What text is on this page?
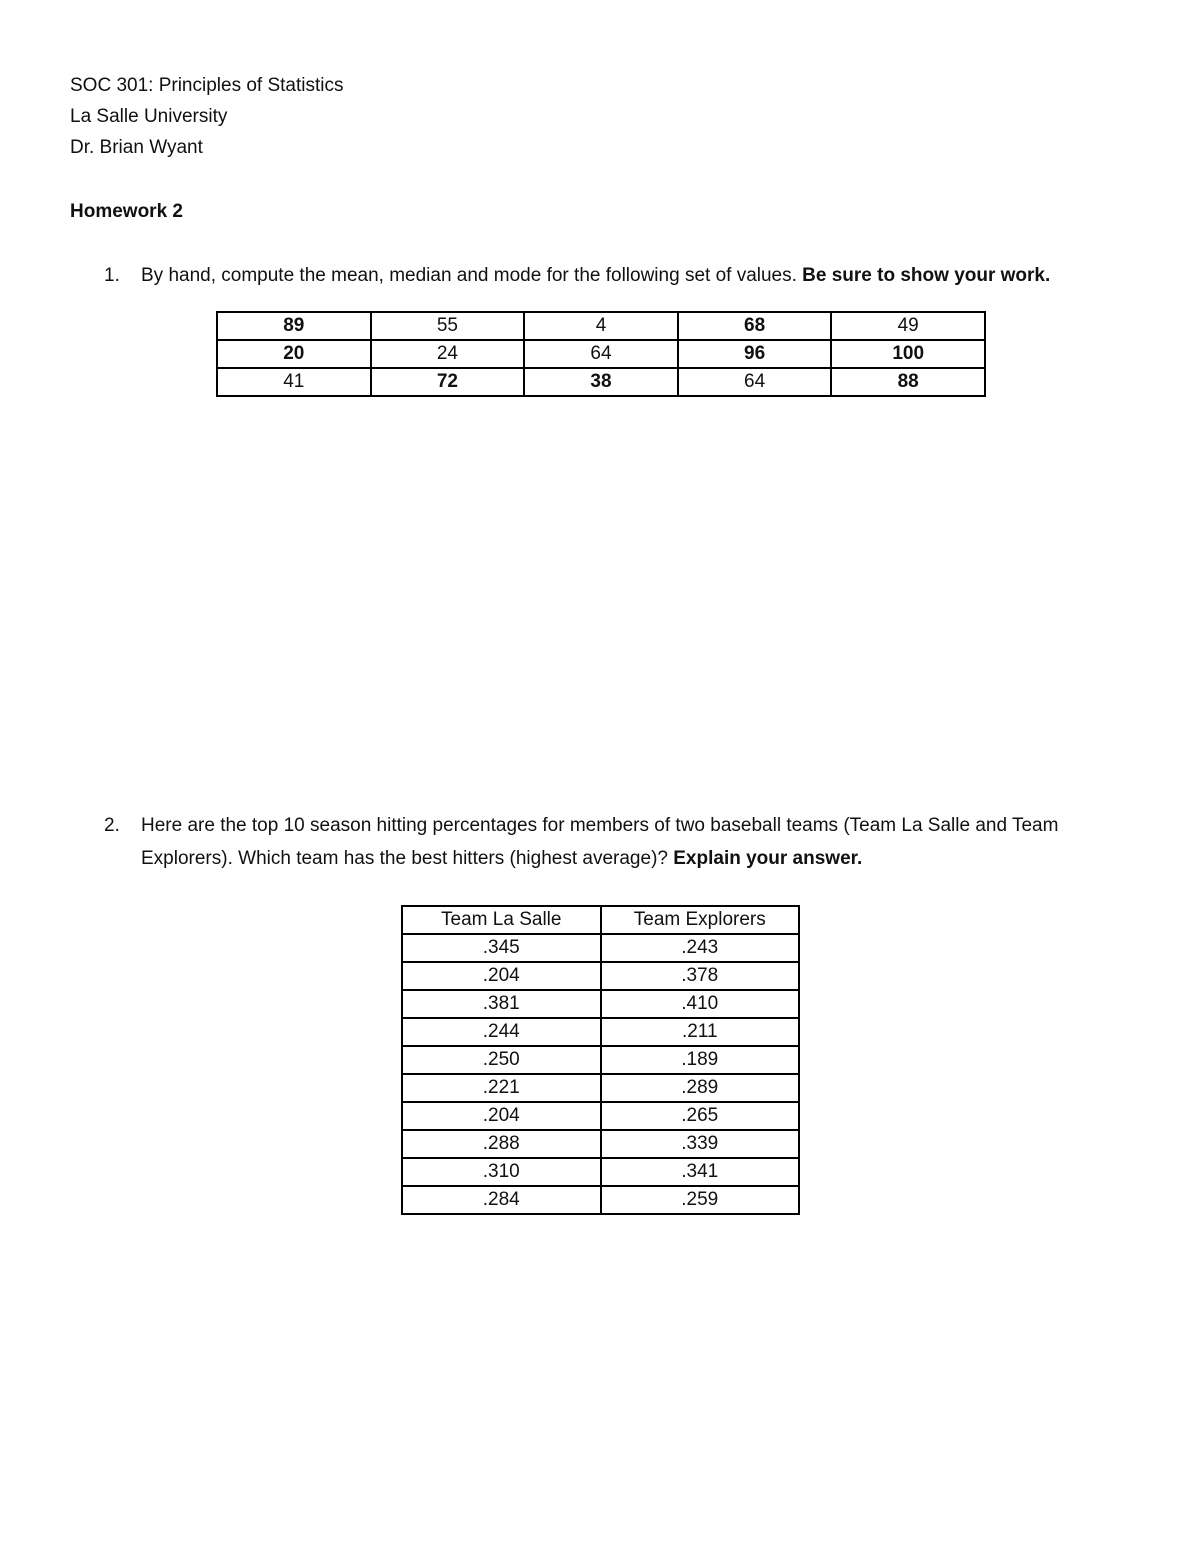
SOC 301: Principles of Statistics
La Salle University
Dr. Brian Wyant
Homework 2
1. By hand, compute the mean, median and mode for the following set of values. Be sure to show your work.
89	55	4	68	49
20	24	64	96	100
41	72	38	64	88
2. Here are the top 10 season hitting percentages for members of two baseball teams (Team La Salle and Team Explorers). Which team has the best hitters (highest average)? Explain your answer.
Team La Salle	Team Explorers
.345	.243
.204	.378
.381	.410
.244	.211
.250	.189
.221	.289
.204	.265
.288	.339
.310	.341
.284	.259
